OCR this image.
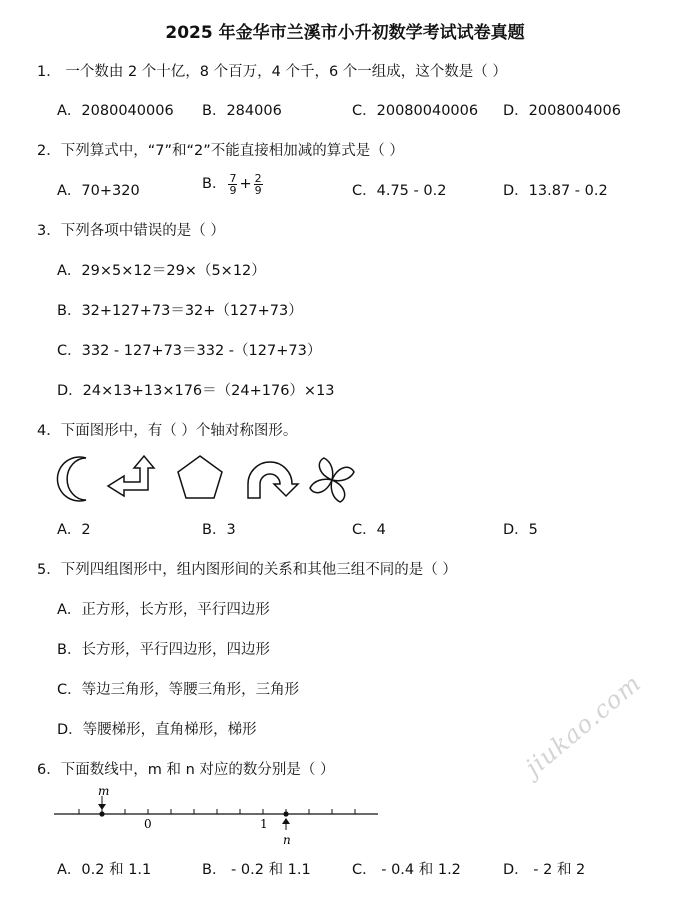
2025 年金华市兰溪市小升初数学考试试卷真题
1． 一个数由 2 个十亿，8 个百万，4 个千，6 个一组成，这个数是（ ）
A．2080040006 B．284006	C．20080040006 D．2008004006
2．下列算式中，“7”和“2”不能直接相加减的算式是（ ）
A．70+320	B． $\frac{7}{9} + \frac{2}{9}$	C．4.75 - 0.2	D．13.87 - 0.2
3．下列各项中错误的是（ ）
A．29×5×12＝29×（5×12）
B．32+127+73＝32+（127+73）
C．332 - 127+73＝332 -（127+73）
D．24×13+13×176＝（24+176）×13
4．下面图形中，有（ ）个轴对称图形。
A．2	B．3	C．4	D．5
5．下列四组图形中，组内图形间的关系和其他三组不同的是（ ）
A．正方形，长方形，平行四边形
B．长方形，平行四边形，四边形
C．等边三角形，等腰三角形，三角形
D．等腰梯形，直角梯形，梯形
6．下面数线中，m 和 n 对应的数分别是（ ）
m
0	1
n
A．0.2 和 1.1	B． - 0.2 和 1.1	C． - 0.4 和 1.2	D． - 2 和 2
jiukao.com
